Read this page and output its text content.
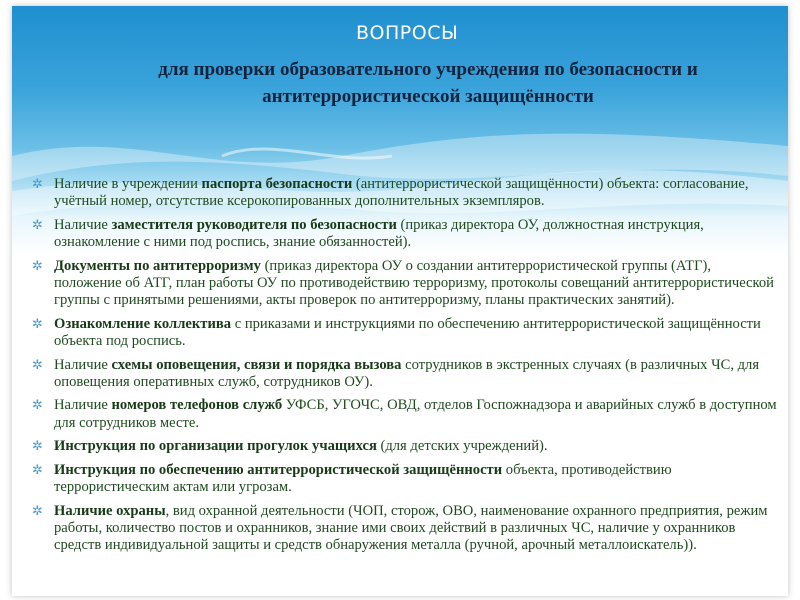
ВОПРОСЫ
для проверки образовательного учреждения по безопасности и антитеррористической защищённости
✲ Наличие в учреждении паспорта безопасности (антитеррористической защищённости) объекта: согласование, учётный номер, отсутствие ксерокопированных дополнительных экземпляров.
✲ Наличие заместителя руководителя по безопасности (приказ директора ОУ, должностная инструкция, ознакомление с ними под роспись, знание обязанностей).
✲ Документы по антитерроризму (приказ директора ОУ о создании антитеррористической группы (АТГ), положение об АТГ, план работы ОУ по противодействию терроризму, протоколы совещаний антитеррористической группы с принятыми решениями, акты проверок по антитерроризму, планы практических занятий).
✲ Ознакомление коллектива с приказами и инструкциями по обеспечению антитеррористической защищённости объекта под роспись.
✲ Наличие схемы оповещения, связи и порядка вызова сотрудников в экстренных случаях (в различных ЧС, для оповещения оперативных служб, сотрудников ОУ).
✲ Наличие номеров телефонов служб УФСБ, УГОЧС, ОВД, отделов Госпожнадзора и аварийных служб в доступном для сотрудников месте.
✲ Инструкция по организации прогулок учащихся (для детских учреждений).
✲ Инструкция по обеспечению антитеррористической защищённости объекта, противодействию террористическим актам или угрозам.
✲ Наличие охраны, вид охранной деятельности (ЧОП, сторож, ОВО, наименование охранного предприятия, режим работы, количество постов и охранников, знание ими своих действий в различных ЧС, наличие у охранников средств индивидуальной защиты и средств обнаружения металла (ручной, арочный металлоискатель)).
